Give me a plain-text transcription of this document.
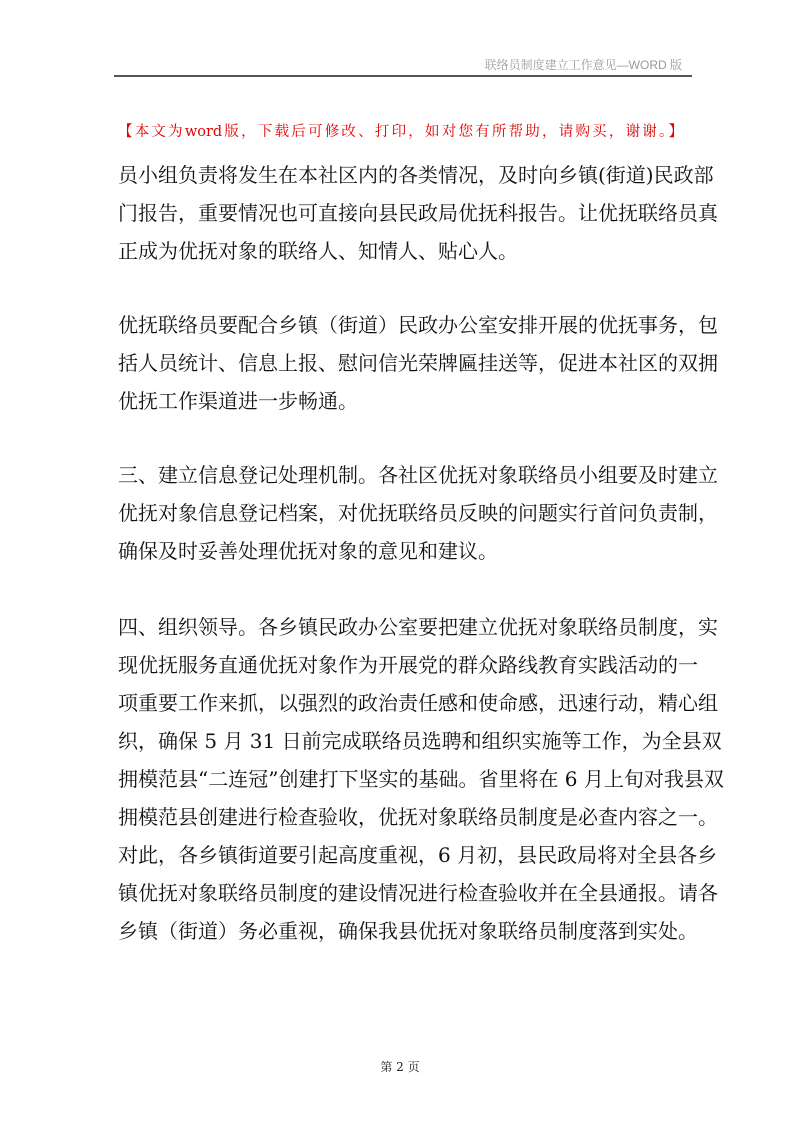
联络员制度建立工作意见—WORD 版
【本文为word版，下载后可修改、打印，如对您有所帮助，请购买，谢谢。】
员小组负责将发生在本社区内的各类情况，及时向乡镇(街道)民政部
门报告，重要情况也可直接向县民政局优抚科报告。让优抚联络员真
正成为优抚对象的联络人、知情人、贴心人。
优抚联络员要配合乡镇（街道）民政办公室安排开展的优抚事务，包
括人员统计、信息上报、慰问信光荣牌匾挂送等，促进本社区的双拥
优抚工作渠道进一步畅通。
三、建立信息登记处理机制。各社区优抚对象联络员小组要及时建立
优抚对象信息登记档案，对优抚联络员反映的问题实行首问负责制，
确保及时妥善处理优抚对象的意见和建议。
四、组织领导。各乡镇民政办公室要把建立优抚对象联络员制度，实
现优抚服务直通优抚对象作为开展党的群众路线教育实践活动的一
项重要工作来抓，以强烈的政治责任感和使命感，迅速行动，精心组
织，确保 5 月 31 日前完成联络员选聘和组织实施等工作，为全县双
拥模范县“二连冠”创建打下坚实的基础。省里将在 6 月上旬对我县双
拥模范县创建进行检查验收，优抚对象联络员制度是必查内容之一。
对此，各乡镇街道要引起高度重视，6 月初，县民政局将对全县各乡
镇优抚对象联络员制度的建设情况进行检查验收并在全县通报。请各
乡镇（街道）务必重视，确保我县优抚对象联络员制度落到实处。
第 2 页
